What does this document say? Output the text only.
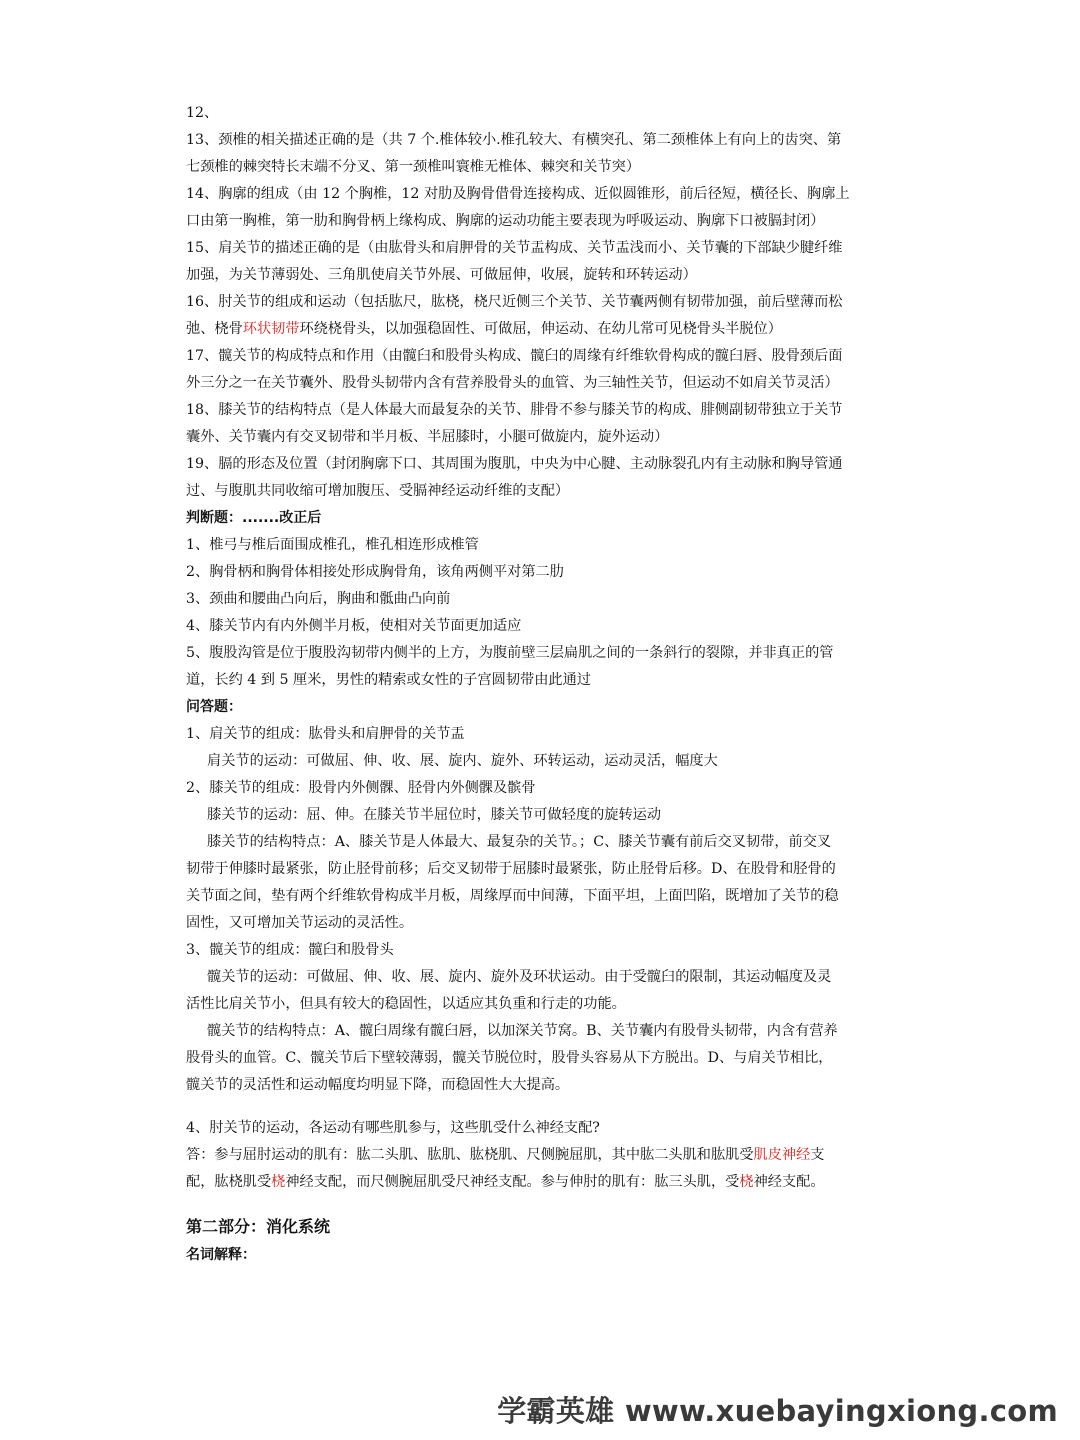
12、
13、颈椎的相关描述正确的是（共 7 个.椎体较小.椎孔较大、有横突孔、第二颈椎体上有向上的齿突、第
七颈椎的棘突特长末端不分叉、第一颈椎叫寰椎无椎体、棘突和关节突）
14、胸廓的组成（由 12 个胸椎，12 对肋及胸骨借骨连接构成、近似圆锥形，前后径短，横径长、胸廓上
口由第一胸椎，第一肋和胸骨柄上缘构成、胸廓的运动功能主要表现为呼吸运动、胸廓下口被膈封闭）
15、肩关节的描述正确的是（由肱骨头和肩胛骨的关节盂构成、关节盂浅而小、关节囊的下部缺少腱纤维
加强，为关节薄弱处、三角肌使肩关节外展、可做屈伸，收展，旋转和环转运动）
16、肘关节的组成和运动（包括肱尺，肱桡，桡尺近侧三个关节、关节囊两侧有韧带加强，前后壁薄而松
弛、桡骨环状韧带环绕桡骨头，以加强稳固性、可做屈，伸运动、在幼儿常可见桡骨头半脱位）
17、髋关节的构成特点和作用（由髋臼和股骨头构成、髋臼的周缘有纤维软骨构成的髋臼唇、股骨颈后面
外三分之一在关节囊外、股骨头韧带内含有营养股骨头的血管、为三轴性关节，但运动不如肩关节灵活）
18、膝关节的结构特点（是人体最大而最复杂的关节、腓骨不参与膝关节的构成、腓侧副韧带独立于关节
囊外、关节囊内有交叉韧带和半月板、半屈膝时，小腿可做旋内，旋外运动）
19、膈的形态及位置（封闭胸廓下口、其周围为腹肌，中央为中心腱、主动脉裂孔内有主动脉和胸导管通
过、与腹肌共同收缩可增加腹压、受膈神经运动纤维的支配）
判断题：.......改正后
1、椎弓与椎后面围成椎孔，椎孔相连形成椎管
2、胸骨柄和胸骨体相接处形成胸骨角，该角两侧平对第二肋
3、颈曲和腰曲凸向后，胸曲和骶曲凸向前
4、膝关节内有内外侧半月板，使相对关节面更加适应
5、腹股沟管是位于腹股沟韧带内侧半的上方，为腹前壁三层扁肌之间的一条斜行的裂隙，并非真正的管
道，长约 4 到 5 厘米，男性的精索或女性的子宫圆韧带由此通过
问答题：
1、肩关节的组成：肱骨头和肩胛骨的关节盂
肩关节的运动：可做屈、伸、收、展、旋内、旋外、环转运动，运动灵活，幅度大
2、膝关节的组成：股骨内外侧髁、胫骨内外侧髁及髌骨
膝关节的运动：屈、伸。在膝关节半屈位时，膝关节可做轻度的旋转运动
膝关节的结构特点：A、膝关节是人体最大、最复杂的关节。；C、膝关节囊有前后交叉韧带，前交叉
韧带于伸膝时最紧张，防止胫骨前移；后交叉韧带于屈膝时最紧张，防止胫骨后移。D、在股骨和胫骨的
关节面之间，垫有两个纤维软骨构成半月板，周缘厚而中间薄，下面平坦，上面凹陷，既增加了关节的稳
固性，又可增加关节运动的灵活性。
3、髋关节的组成：髋臼和股骨头
髋关节的运动：可做屈、伸、收、展、旋内、旋外及环状运动。由于受髋臼的限制，其运动幅度及灵
活性比肩关节小，但具有较大的稳固性，以适应其负重和行走的功能。
髋关节的结构特点：A、髋臼周缘有髋臼唇，以加深关节窝。B、关节囊内有股骨头韧带，内含有营养
股骨头的血管。C、髋关节后下壁较薄弱，髋关节脱位时，股骨头容易从下方脱出。D、与肩关节相比，
髋关节的灵活性和运动幅度均明显下降，而稳固性大大提高。
4、肘关节的运动，各运动有哪些肌参与，这些肌受什么神经支配?
答：参与屈肘运动的肌有：肱二头肌、肱肌、肱桡肌、尺侧腕屈肌，其中肱二头肌和肱肌受肌皮神经支
配，肱桡肌受桡神经支配，而尺侧腕屈肌受尺神经支配。参与伸肘的肌有：肱三头肌，受桡神经支配。
第二部分：消化系统
名词解释：
学霸英雄 www.xuebayingxiong.com
